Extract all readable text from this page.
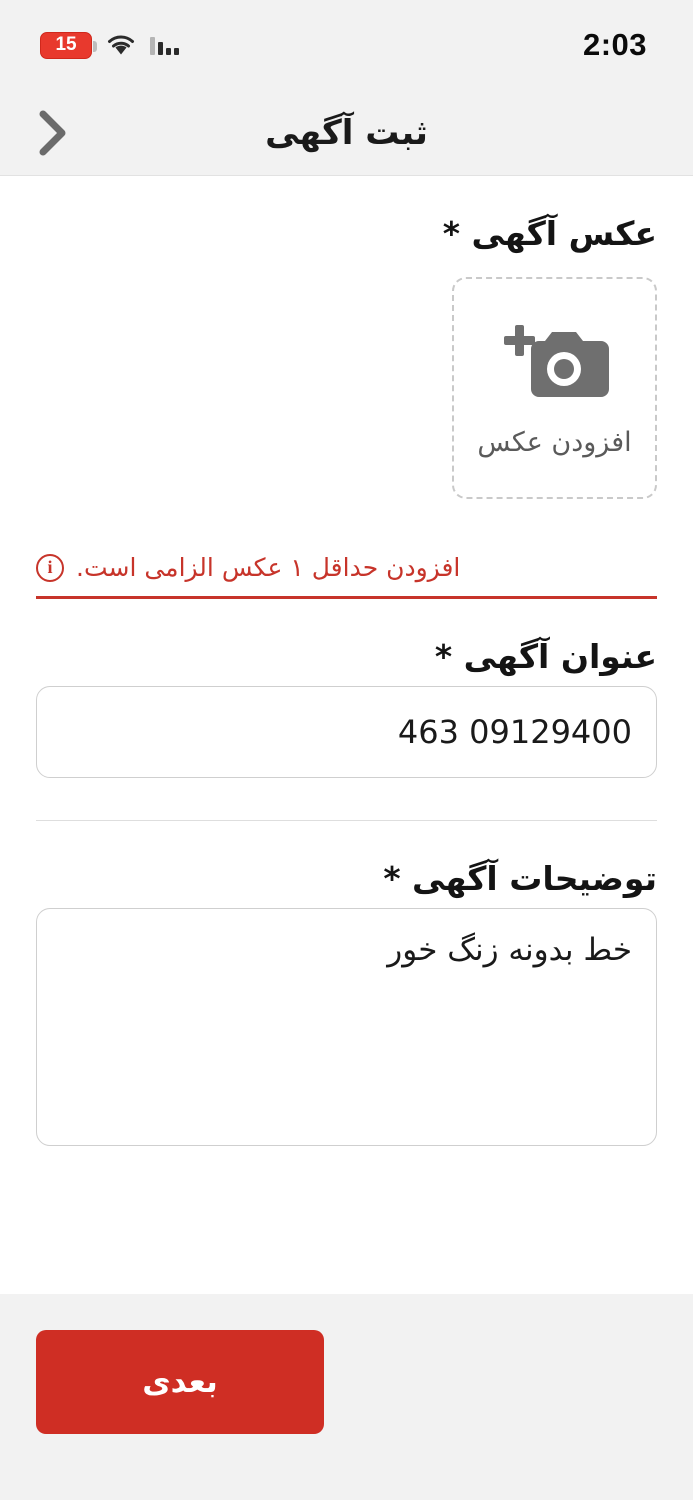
2:03
15
ثبت آگهی
عکس آگهی *
افزودن عکس
i افزودن حداقل ۱ عکس الزامی است.
عنوان آگهی *
09129400 463
توضیحات آگهی *
خط بدونه زنگ خور
بعدی
